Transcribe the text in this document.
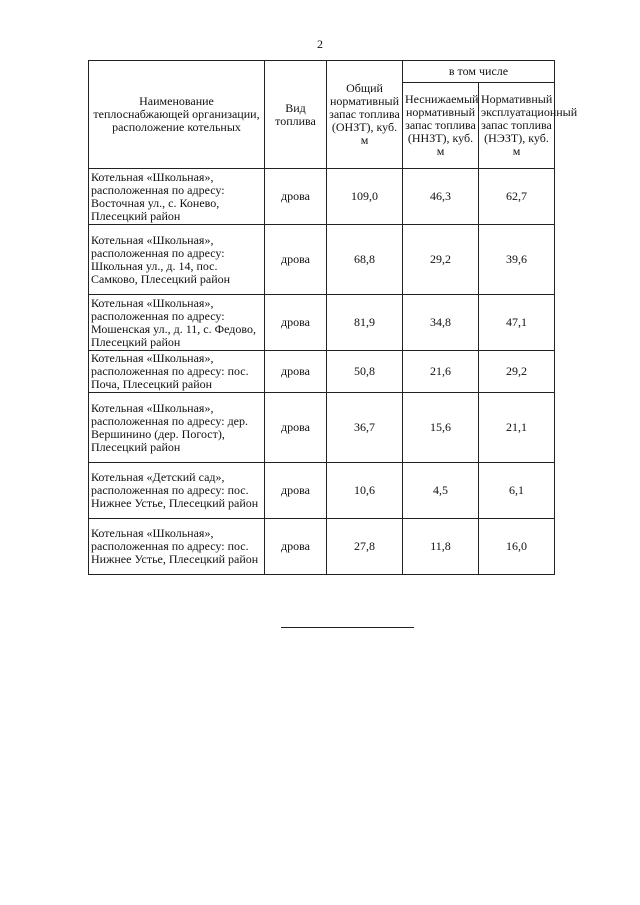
2
Наименование теплоснабжающей организации, расположение котельных	Вид топлива	Общий нормативный запас топлива (ОНЗТ), куб. м	в том числе	
			Неснижаемый нормативный запас топлива (ННЗТ), куб. м	Нормативный эксплуатационный запас топлива (НЭЗТ), куб. м
Котельная «Школьная», расположенная по адресу: Восточная ул., с. Конево, Плесецкий район	дрова	109,0	46,3	62,7
Котельная «Школьная», расположенная по адресу: Школьная ул., д. 14, пос. Самково, Плесецкий район	дрова	68,8	29,2	39,6
Котельная «Школьная», расположенная по адресу: Мошенская ул., д. 11, с. Федово, Плесецкий район	дрова	81,9	34,8	47,1
Котельная «Школьная», расположенная по адресу: пос. Поча, Плесецкий район	дрова	50,8	21,6	29,2
Котельная «Школьная», расположенная по адресу: дер. Вершинино (дер. Погост), Плесецкий район	дрова	36,7	15,6	21,1
Котельная «Детский сад», расположенная по адресу: пос. Нижнее Устье, Плесецкий район	дрова	10,6	4,5	6,1
Котельная «Школьная», расположенная по адресу: пос. Нижнее Устье, Плесецкий район	дрова	27,8	11,8	16,0
